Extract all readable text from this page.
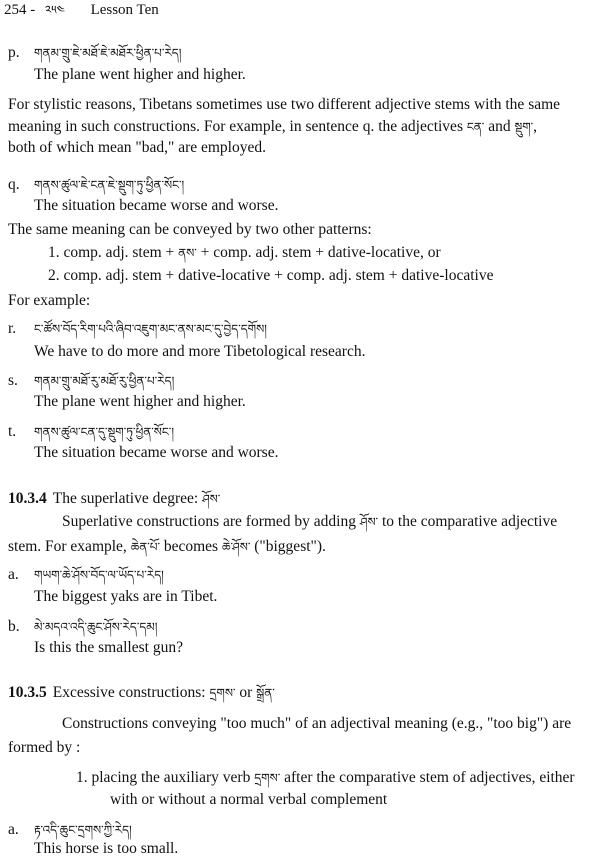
254 - ༢༥༤ Lesson Ten
p. གནམ་གྲུ་ཇེ་མཐོ་ཇེ་མཐོར་ཕྱིན་པ་རེད།
The plane went higher and higher.
For stylistic reasons, Tibetans sometimes use two different adjective stems with the same
meaning in such constructions. For example, in sentence q. the adjectives ངན་ and སྡུག་,
both of which mean "bad," are employed.
q. གནས་ཚུལ་ཇེ་ངན་ཇེ་སྡུག་ཏུ་ཕྱིན་སོང་།
The situation became worse and worse.
The same meaning can be conveyed by two other patterns:
1. comp. adj. stem + ནས་ + comp. adj. stem + dative-locative, or
2. comp. adj. stem + dative-locative + comp. adj. stem + dative-locative
For example:
r. ང་ཚོས་བོད་རིག་པའི་ཞིབ་འཇུག་མང་ནས་མང་དུ་བྱེད་དགོས།
We have to do more and more Tibetological research.
s. གནམ་གྲུ་མཐོ་རུ་མཐོ་རུ་ཕྱིན་པ་རེད།
The plane went higher and higher.
t. གནས་ཚུལ་ངན་དུ་སྡུག་ཏུ་ཕྱིན་སོང་།
The situation became worse and worse.
10.3.4 The superlative degree: ཤོས་
Superlative constructions are formed by adding ཤོས་ to the comparative adjective
stem. For example, ཆེན་པོ་ becomes ཆེ་ཤོས་ ("biggest").
a. གཡག་ཆེ་ཤོས་བོད་ལ་ཡོད་པ་རེད།
The biggest yaks are in Tibet.
b. མེ་མདའ་འདི་ཆུང་ཤོས་རེད་དམ།
Is this the smallest gun?
10.3.5 Excessive constructions: དྲགས་ or སྒྲོན་
Constructions conveying "too much" of an adjectival meaning (e.g., "too big") are
formed by :
1. placing the auxiliary verb དྲགས་ after the comparative stem of adjectives, either
with or without a normal verbal complement
a. རྟ་འདི་ཆུང་དྲགས་ཀྱི་རེད།
This horse is too small.
